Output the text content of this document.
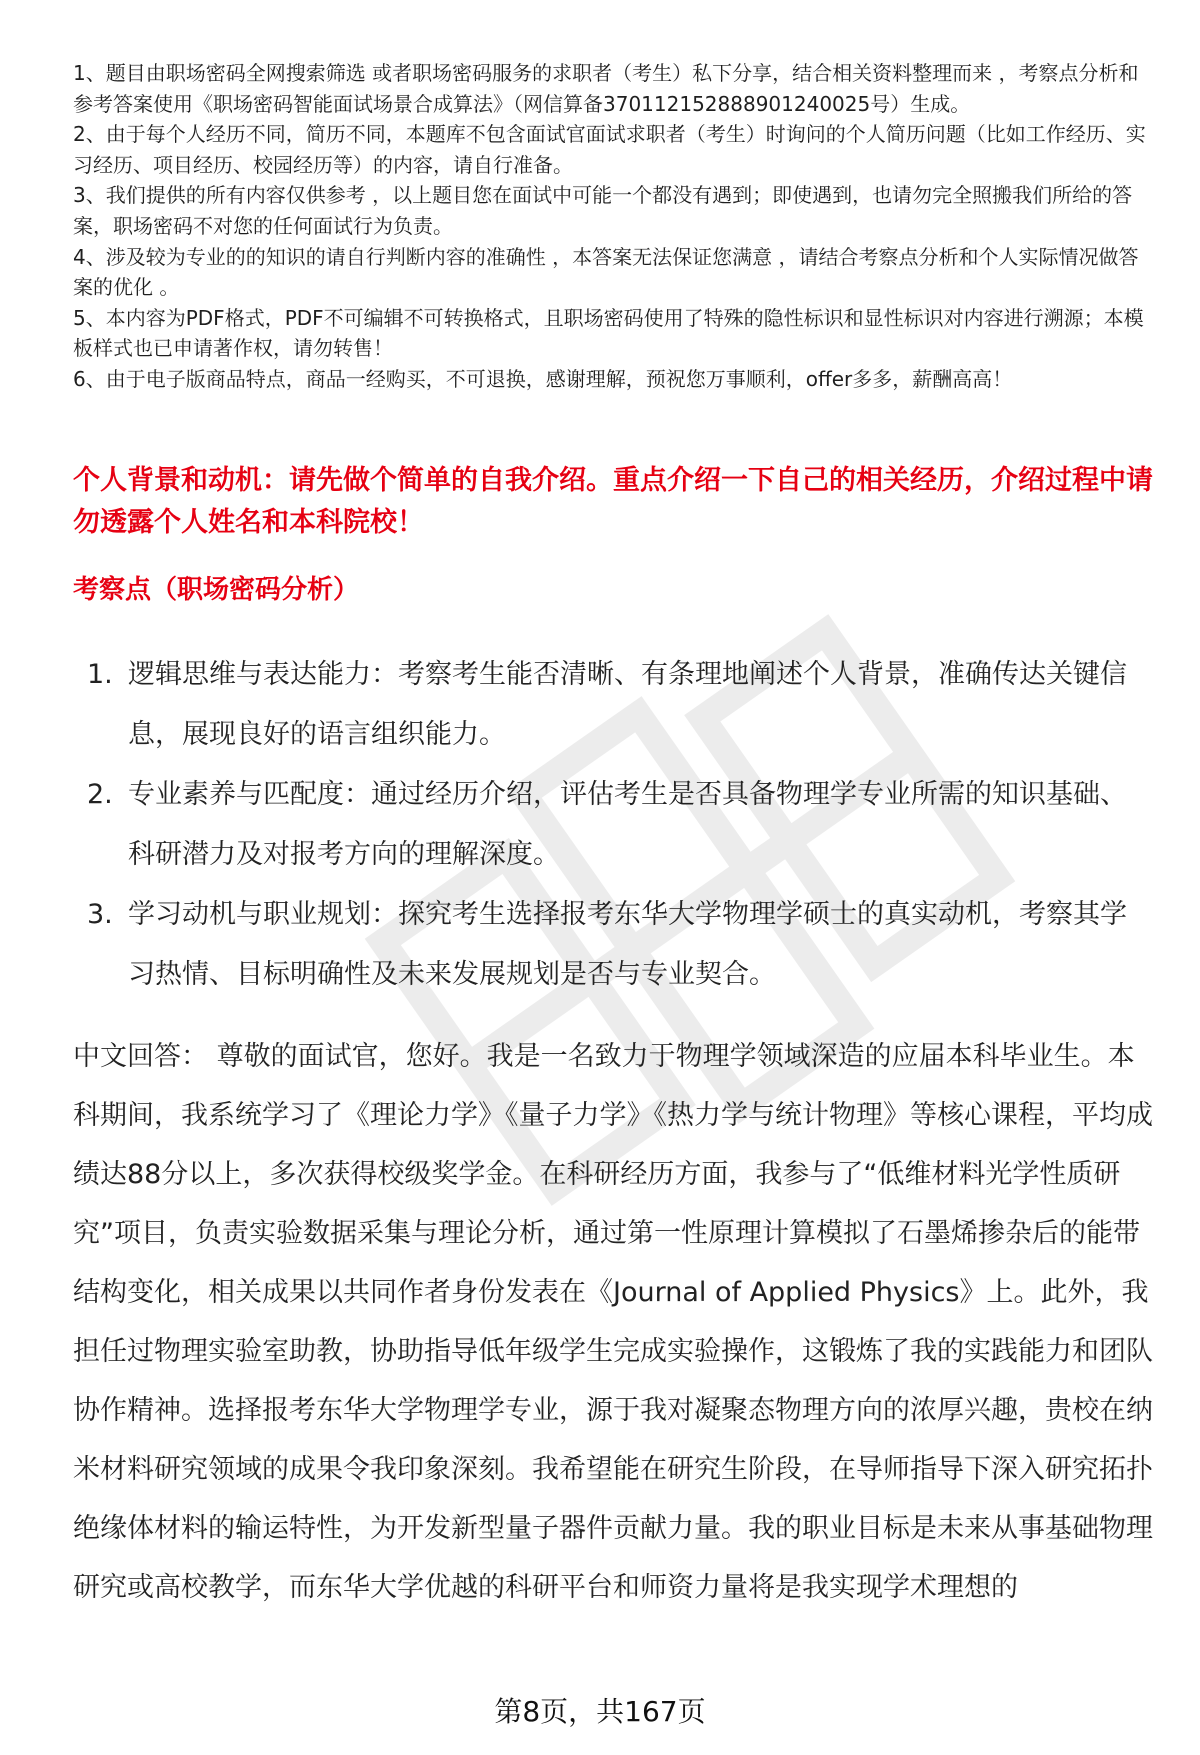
1、题目由职场密码全网搜索筛选 或者职场密码服务的求职者（考生）私下分享，结合相关资料整理而来 ，考察点分析和参考答案使用《职场密码智能面试场景合成算法》（网信算备370112152888901240025号）生成。

2、由于每个人经历不同，简历不同，本题库不包含面试官面试求职者（考生）时询问的个人简历问题（比如工作经历、实习经历、项目经历、校园经历等）的内容，请自行准备。

3、我们提供的所有内容仅供参考 ，以上题目您在面试中可能一个都没有遇到；即使遇到，也请勿完全照搬我们所给的答案，职场密码不对您的任何面试行为负责。

4、涉及较为专业的的知识的请自行判断内容的准确性 ，本答案无法保证您满意 ，请结合考察点分析和个人实际情况做答案的优化 。

5、本内容为PDF格式，PDF不可编辑不可转换格式，且职场密码使用了特殊的隐性标识和显性标识对内容进行溯源；本模板样式也已申请著作权，请勿转售！

6、由于电子版商品特点，商品一经购买，不可退换，感谢理解，预祝您万事顺利，offer多多，薪酬高高！

个人背景和动机：请先做个简单的自我介绍。重点介绍一下自己的相关经历，介绍过程中请勿透露个人姓名和本科院校！
考察点（职场密码分析）
1. 逻辑思维与表达能力：考察考生能否清晰、有条理地阐述个人背景，准确传达关键信息，展现良好的语言组织能力。
2. 专业素养与匹配度：通过经历介绍，评估考生是否具备物理学专业所需的知识基础、科研潜力及对报考方向的理解深度。
3. 学习动机与职业规划：探究考生选择报考东华大学物理学硕士的真实动机，考察其学习热情、目标明确性及未来发展规划是否与专业契合。

中文回答： 尊敬的面试官，您好。我是一名致力于物理学领域深造的应届本科毕业生。本科期间，我系统学习了《理论力学》《量子力学》《热力学与统计物理》等核心课程，平均成绩达88分以上，多次获得校级奖学金。在科研经历方面，我参与了“低维材料光学性质研究”项目，负责实验数据采集与理论分析，通过第一性原理计算模拟了石墨烯掺杂后的能带结构变化，相关成果以共同作者身份发表在《Journal of Applied Physics》上。此外，我担任过物理实验室助教，协助指导低年级学生完成实验操作，这锻炼了我的实践能力和团队协作精神。选择报考东华大学物理学专业，源于我对凝聚态物理方向的浓厚兴趣，贵校在纳米材料研究领域的成果令我印象深刻。我希望能在研究生阶段，在导师指导下深入研究拓扑绝缘体材料的输运特性，为开发新型量子器件贡献力量。我的职业目标是未来从事基础物理研究或高校教学，而东华大学优越的科研平台和师资力量将是我实现学术理想的

第8页，共167页
